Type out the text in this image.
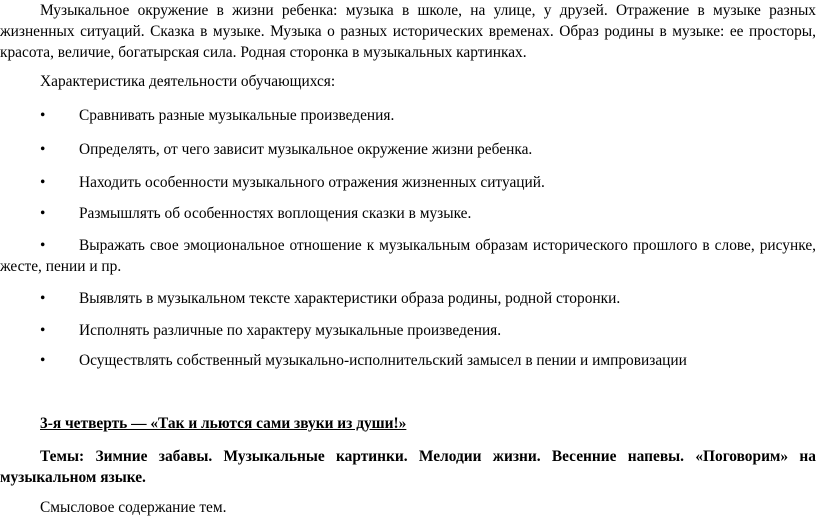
Музыкальное окружение в жизни ребенка: музыка в школе, на улице, у друзей. Отражение в музыке разных жизненных ситуаций. Сказка в музыке. Музыка о разных исторических временах. Образ родины в музыке: ее просторы, красота, величие, богатырская сила. Родная сторонка в музыкальных картинках.

Характеристика деятельности обучающихся:

• Сравнивать разные музыкальные произведения.

• Определять, от чего зависит музыкальное окружение жизни ребенка.

• Находить особенности музыкального отражения жизненных ситуаций.

• Размышлять об особенностях воплощения сказки в музыке.

• Выражать свое эмоциональное отношение к музыкальным образам исторического прошлого в слове, рисунке, жесте, пении и пр.

• Выявлять в музыкальном тексте характеристики образа родины, родной сторонки.

• Исполнять различные по характеру музыкальные произведения.

• Осуществлять собственный музыкально-исполнительский замысел в пении и импровизации

3-я четверть — «Так и льются сами звуки из души!»

Темы: Зимние забавы. Музыкальные картинки. Мелодии жизни. Весенние напевы. «Поговорим» на музыкальном языке.

Смысловое содержание тем.
